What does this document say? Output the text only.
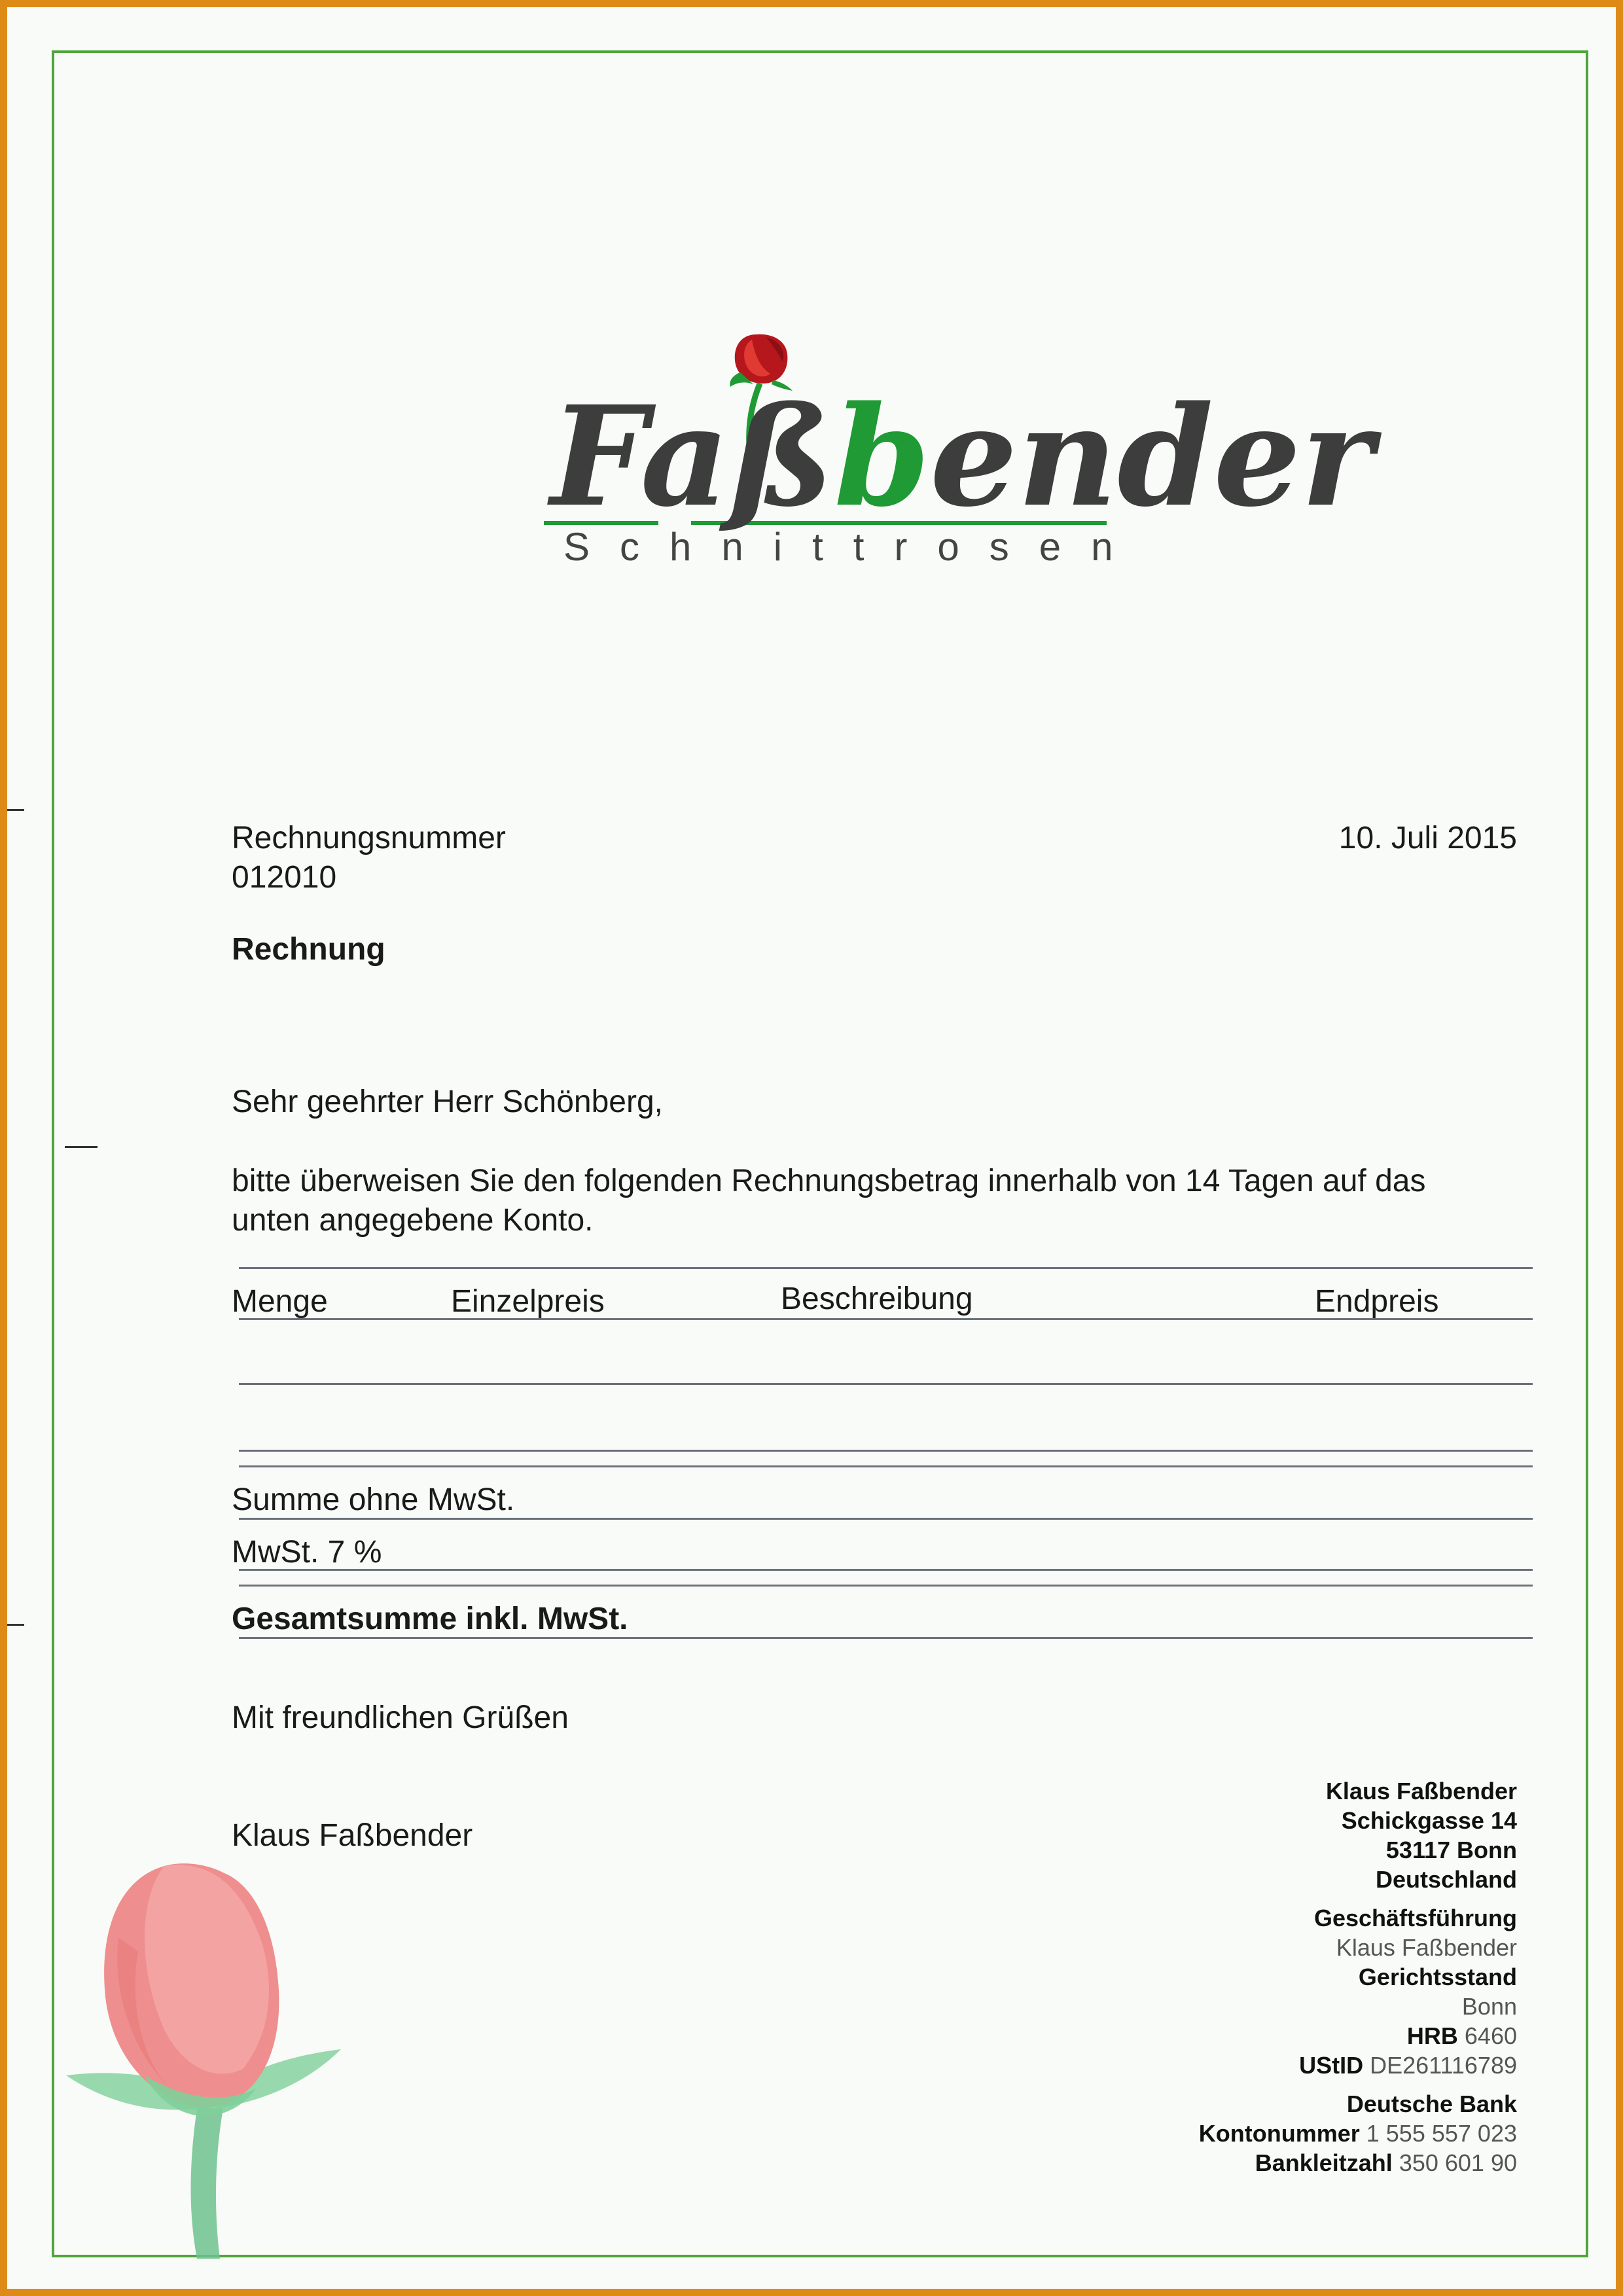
Faßbender
Schnittrosen
Rechnungsnummer
012010
10. Juli 2015
Rechnung
Sehr geehrter Herr Schönberg,
bitte überweisen Sie den folgenden Rechnungsbetrag innerhalb von 14 Tagen auf das
unten angegebene Konto.
Menge	Einzelpreis	Beschreibung	Endpreis
Summe ohne MwSt.
MwSt. 7 %
Gesamtsumme inkl. MwSt.
Mit freundlichen Grüßen
Klaus Faßbender
Klaus Faßbender
Schickgasse 14
53117 Bonn
Deutschland
Geschäftsführung
Klaus Faßbender
Gerichtsstand
Bonn
HRB 6460
UStID DE261116789
Deutsche Bank
Kontonummer 1 555 557 023
Bankleitzahl 350 601 90
